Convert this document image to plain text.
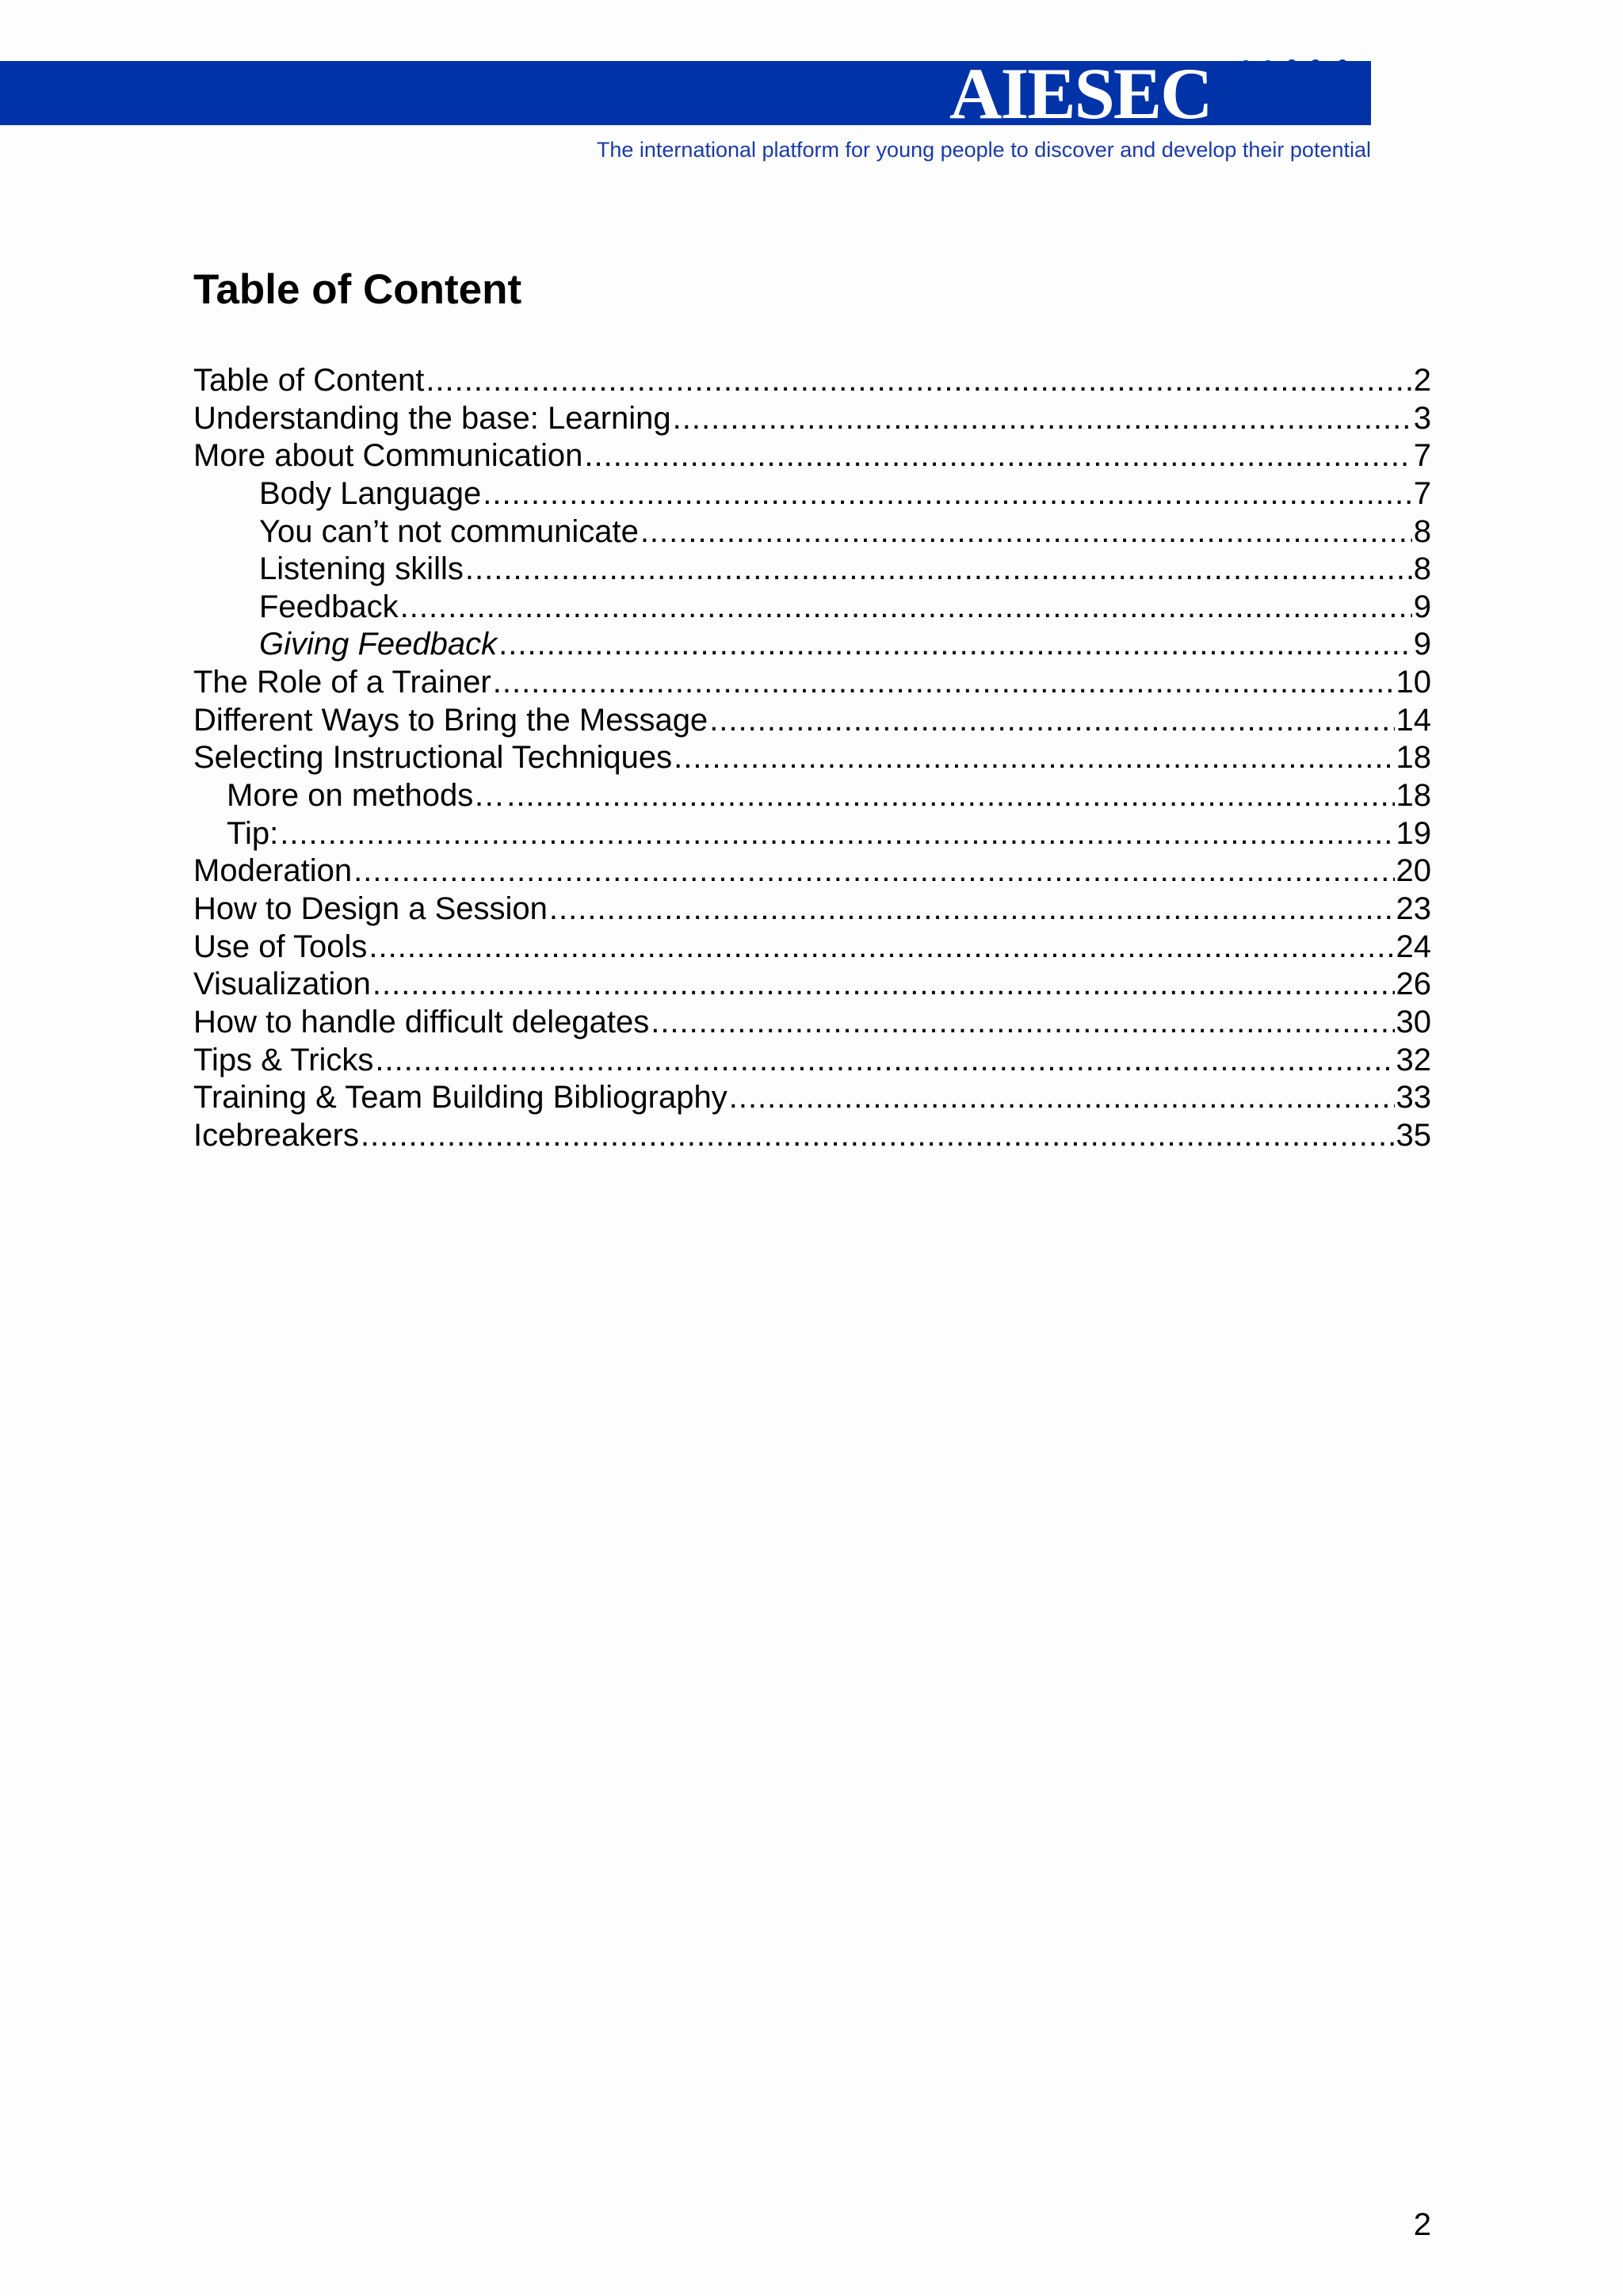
AIESEC
The international platform for young people to discover and develop their potential
Table of Content
Table of Content .....	2
Understanding the base: Learning .....	3
More about Communication .....	7
Body Language .....	7
You can’t not communicate .....	8
Listening skills .....	8
Feedback .....	9
Giving Feedback .....	9
The Role of a Trainer .....	10
Different Ways to Bring the Message .....	14
Selecting Instructional Techniques .....	18
More on methods… .....	18
Tip: .....	19
Moderation .....	20
How to Design a Session .....	23
Use of Tools .....	24
Visualization .....	26
How to handle difficult delegates .....	30
Tips & Tricks .....	32
Training & Team Building Bibliography .....	33
Icebreakers .....	35
2
